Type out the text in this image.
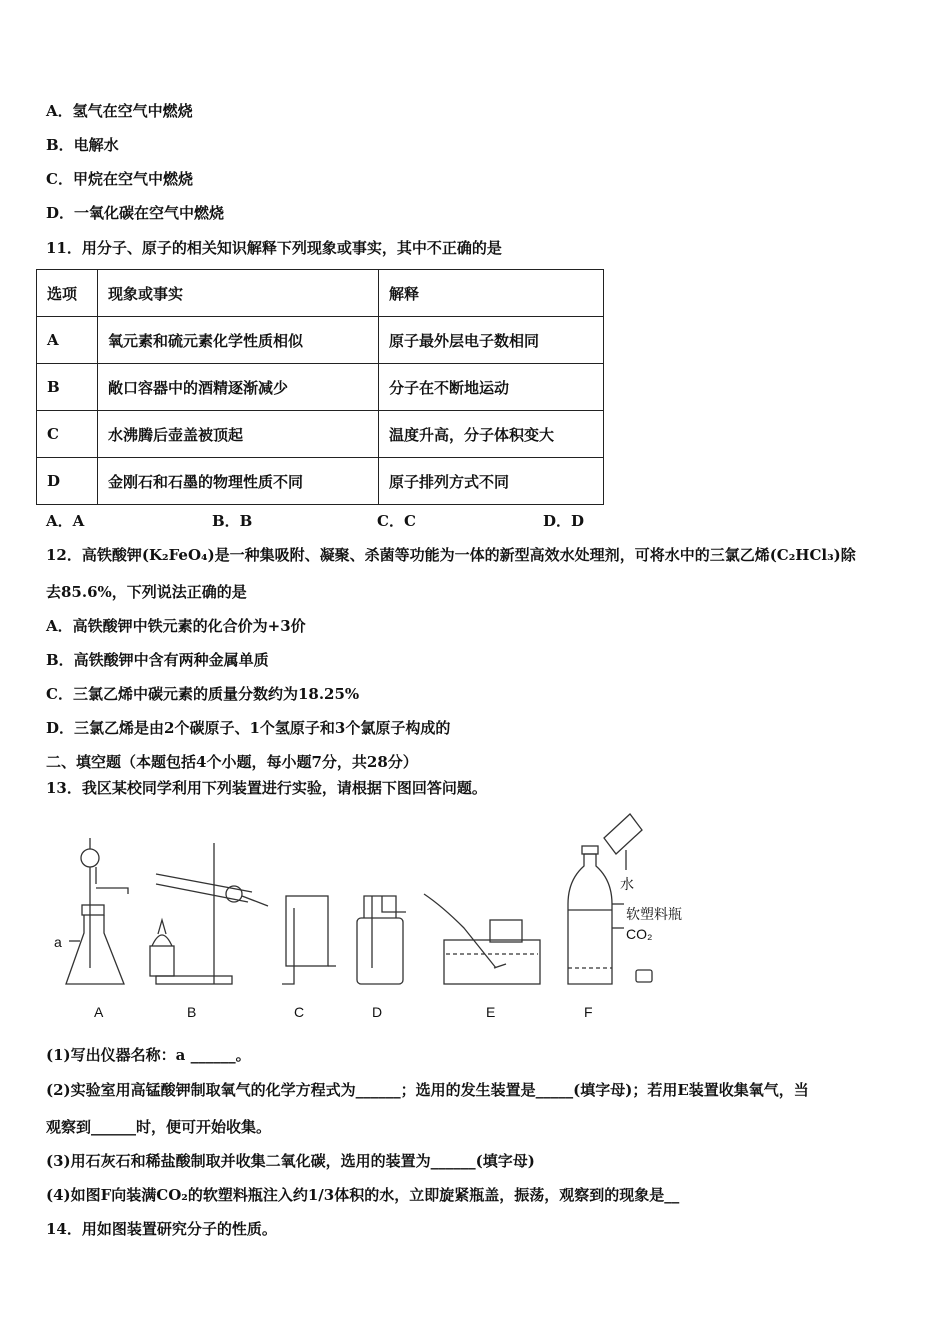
A．氢气在空气中燃烧
B．电解水
C．甲烷在空气中燃烧
D．一氧化碳在空气中燃烧
11．用分子、原子的相关知识解释下列现象或事实，其中不正确的是
选项	现象或事实	解释
A	氧元素和硫元素化学性质相似	原子最外层电子数相同
B	敞口容器中的酒精逐渐减少	分子在不断地运动
C	水沸腾后壶盖被顶起	温度升高，分子体积变大
D	金刚石和石墨的物理性质不同	原子排列方式不同
A．A	B．B	C．C	D．D
12．高铁酸钾(K₂FeO₄)是一种集吸附、凝聚、杀菌等功能为一体的新型高效水处理剂，可将水中的三氯乙烯(C₂HCl₃)除
去85.6%，下列说法正确的是
A．高铁酸钾中铁元素的化合价为+3价
B．高铁酸钾中含有两种金属单质
C．三氯乙烯中碳元素的质量分数约为18.25%
D．三氯乙烯是由2个碳原子、1个氢原子和3个氯原子构成的
二、填空题（本题包括4个小题，每小题7分，共28分）
13．我区某校同学利用下列装置进行实验，请根据下图回答问题。
a
A	B	C	D	E	F
水
软塑料瓶
CO₂
(1)写出仪器名称：a ______。
(2)实验室用高锰酸钾制取氧气的化学方程式为______；选用的发生装置是_____(填字母)；若用E装置收集氧气，当
观察到______时，便可开始收集。
(3)用石灰石和稀盐酸制取并收集二氧化碳，选用的装置为______(填字母)
(4)如图F向装满CO₂的软塑料瓶注入约1/3体积的水，立即旋紧瓶盖，振荡，观察到的现象是__
14．用如图装置研究分子的性质。
